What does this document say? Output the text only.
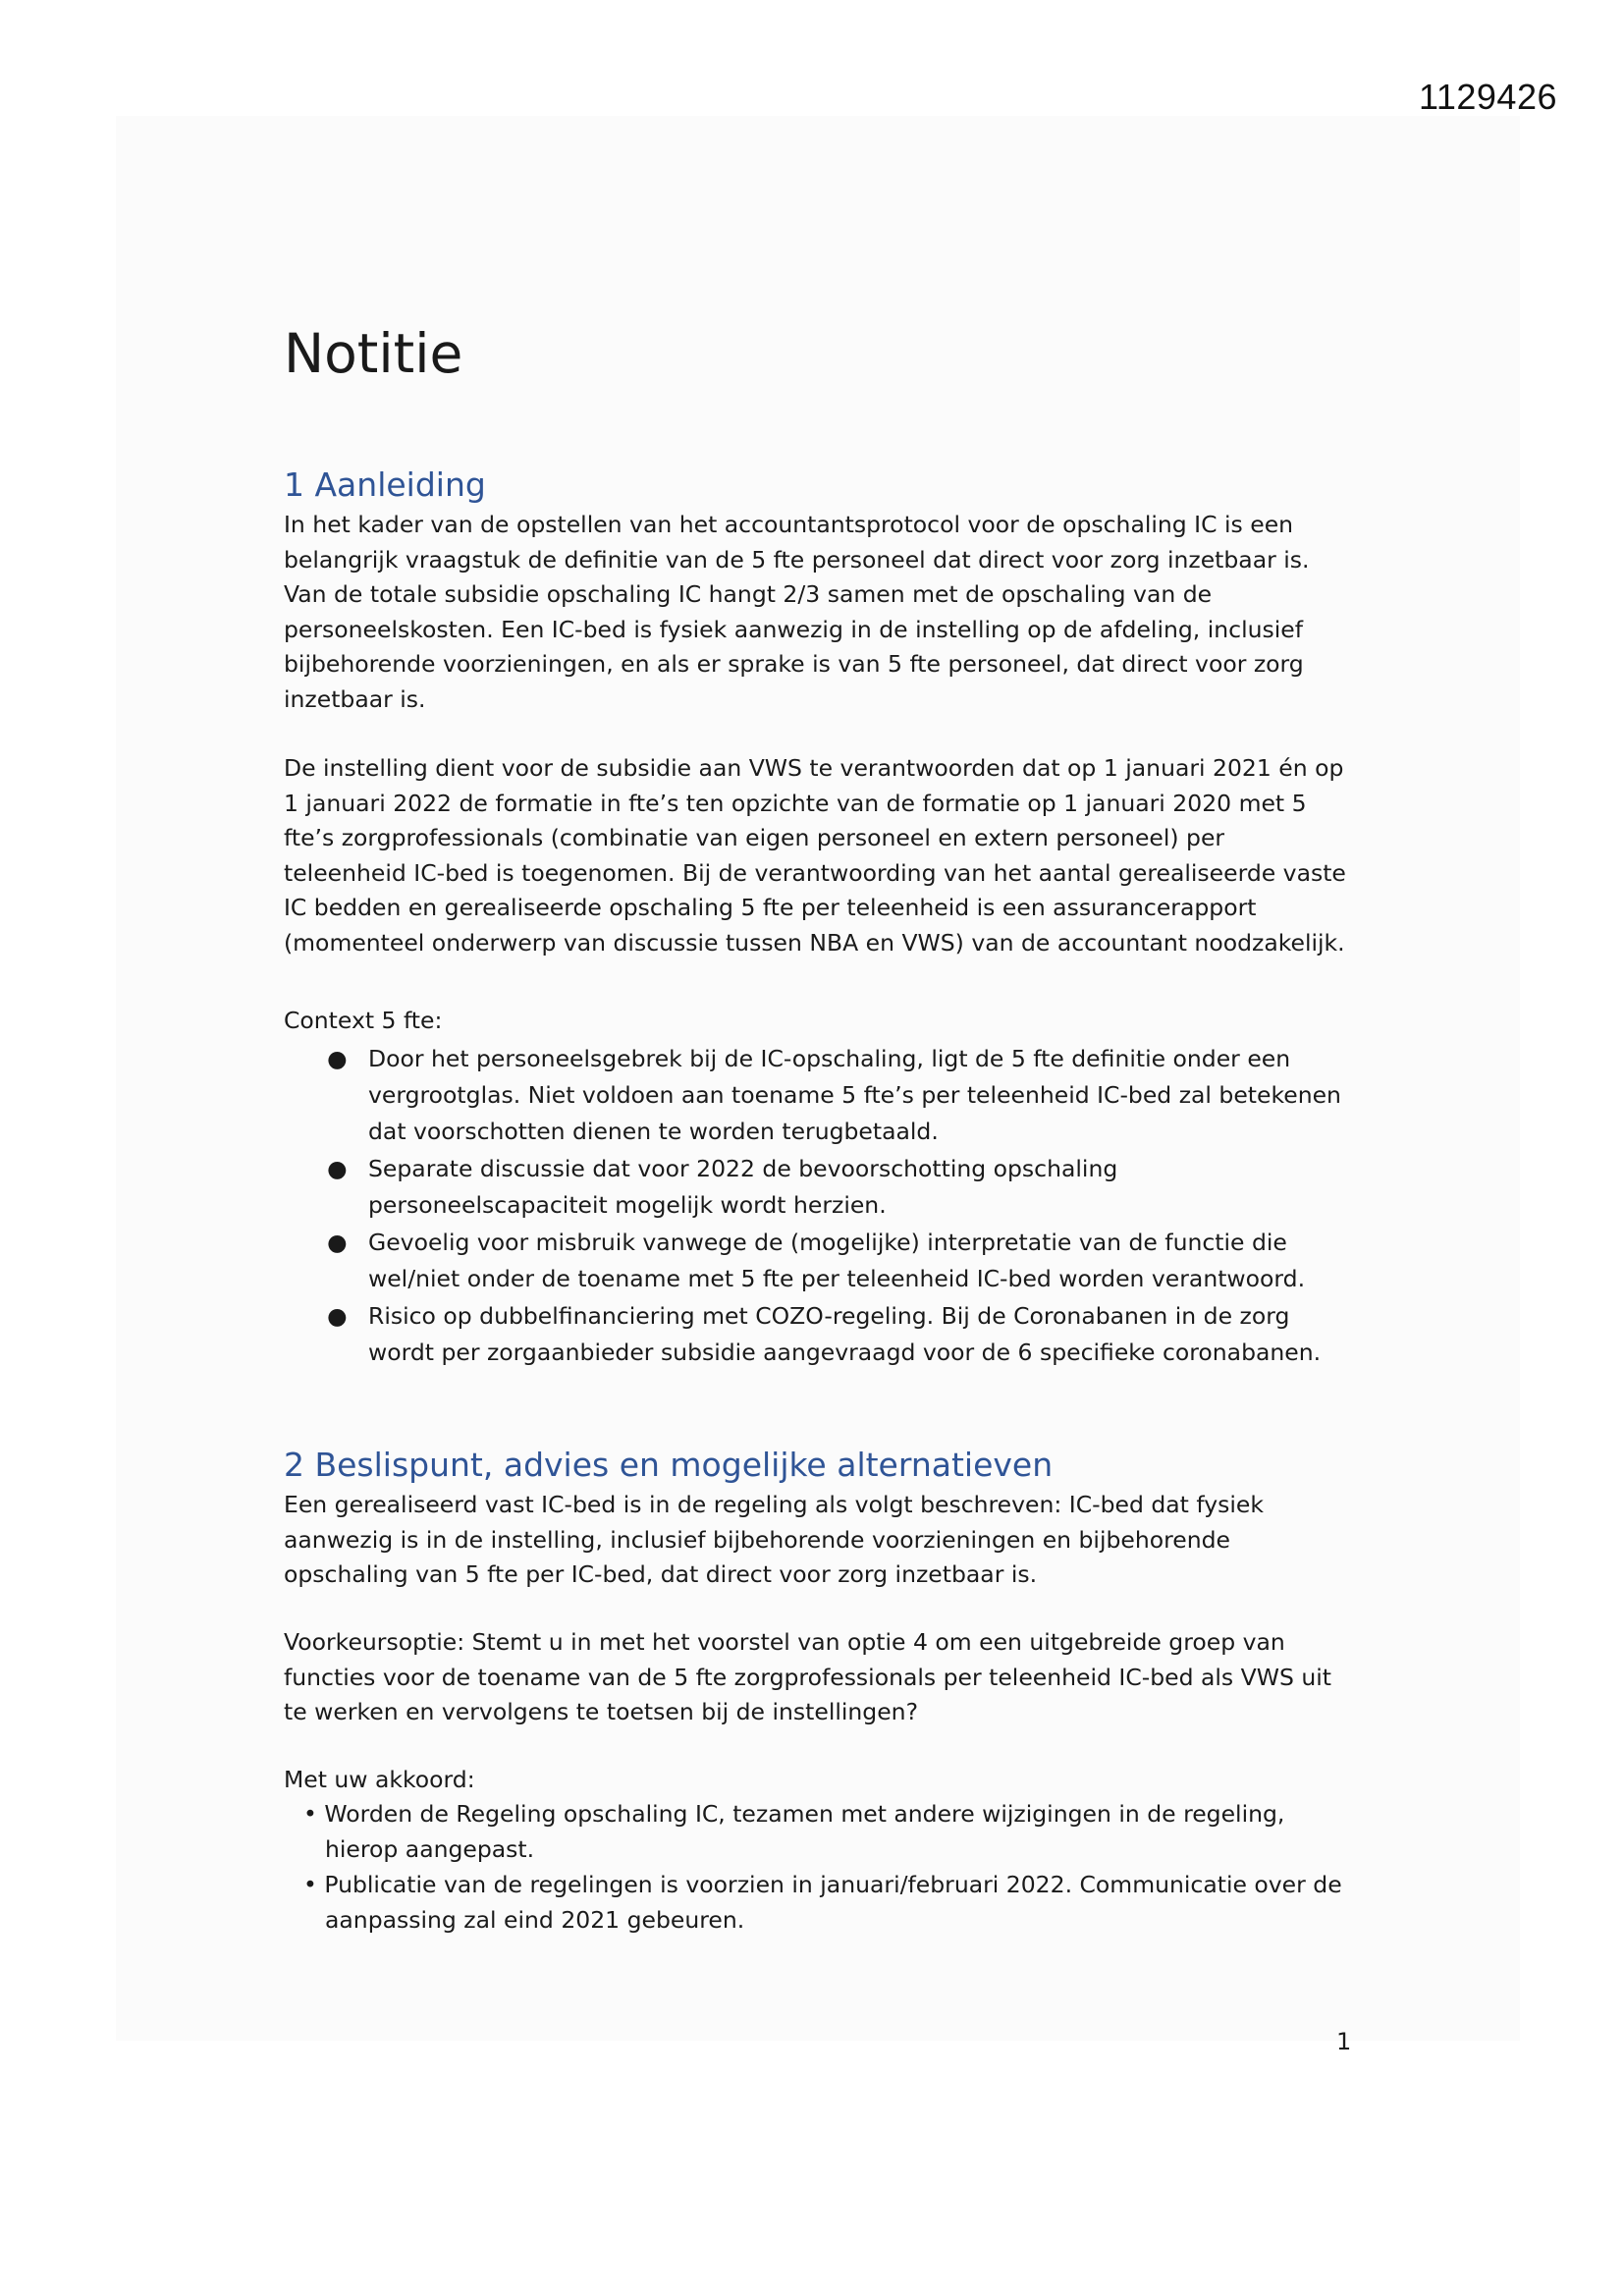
1129426
Notitie
1 Aanleiding

In het kader van de opstellen van het accountantsprotocol voor de opschaling IC is een belangrijk vraagstuk de definitie van de 5 fte personeel dat direct voor zorg inzetbaar is. Van de totale subsidie opschaling IC hangt 2/3 samen met de opschaling van de personeelskosten. Een IC-bed is fysiek aanwezig in de instelling op de afdeling, inclusief bijbehorende voorzieningen, en als er sprake is van 5 fte personeel, dat direct voor zorg inzetbaar is.

De instelling dient voor de subsidie aan VWS te verantwoorden dat op 1 januari 2021 én op 1 januari 2022 de formatie in fte’s ten opzichte van de formatie op 1 januari 2020 met 5 fte’s zorgprofessionals (combinatie van eigen personeel en extern personeel) per teleenheid IC-bed is toegenomen. Bij de verantwoording van het aantal gerealiseerde vaste IC bedden en gerealiseerde opschaling 5 fte per teleenheid is een assurancerapport (momenteel onderwerp van discussie tussen NBA en VWS) van de accountant noodzakelijk.

Context 5 fte:

● Door het personeelsgebrek bij de IC-opschaling, ligt de 5 fte definitie onder een vergrootglas. Niet voldoen aan toename 5 fte’s per teleenheid IC-bed zal betekenen dat voorschotten dienen te worden terugbetaald.
● Separate discussie dat voor 2022 de bevoorschotting opschaling personeelscapaciteit mogelijk wordt herzien.
● Gevoelig voor misbruik vanwege de (mogelijke) interpretatie van de functie die wel/niet onder de toename met 5 fte per teleenheid IC-bed worden verantwoord.
● Risico op dubbelfinanciering met COZO-regeling. Bij de Coronabanen in de zorg wordt per zorgaanbieder subsidie aangevraagd voor de 6 specifieke coronabanen.
2 Beslispunt, advies en mogelijke alternatieven

Een gerealiseerd vast IC-bed is in de regeling als volgt beschreven: IC-bed dat fysiek aanwezig is in de instelling, inclusief bijbehorende voorzieningen en bijbehorende opschaling van 5 fte per IC-bed, dat direct voor zorg inzetbaar is.

Voorkeursoptie: Stemt u in met het voorstel van optie 4 om een uitgebreide groep van functies voor de toename van de 5 fte zorgprofessionals per teleenheid IC-bed als VWS uit te werken en vervolgens te toetsen bij de instellingen?

Met uw akkoord:

• Worden de Regeling opschaling IC, tezamen met andere wijzigingen in de regeling, hierop aangepast.
• Publicatie van de regelingen is voorzien in januari/februari 2022. Communicatie over de aanpassing zal eind 2021 gebeuren.
1
